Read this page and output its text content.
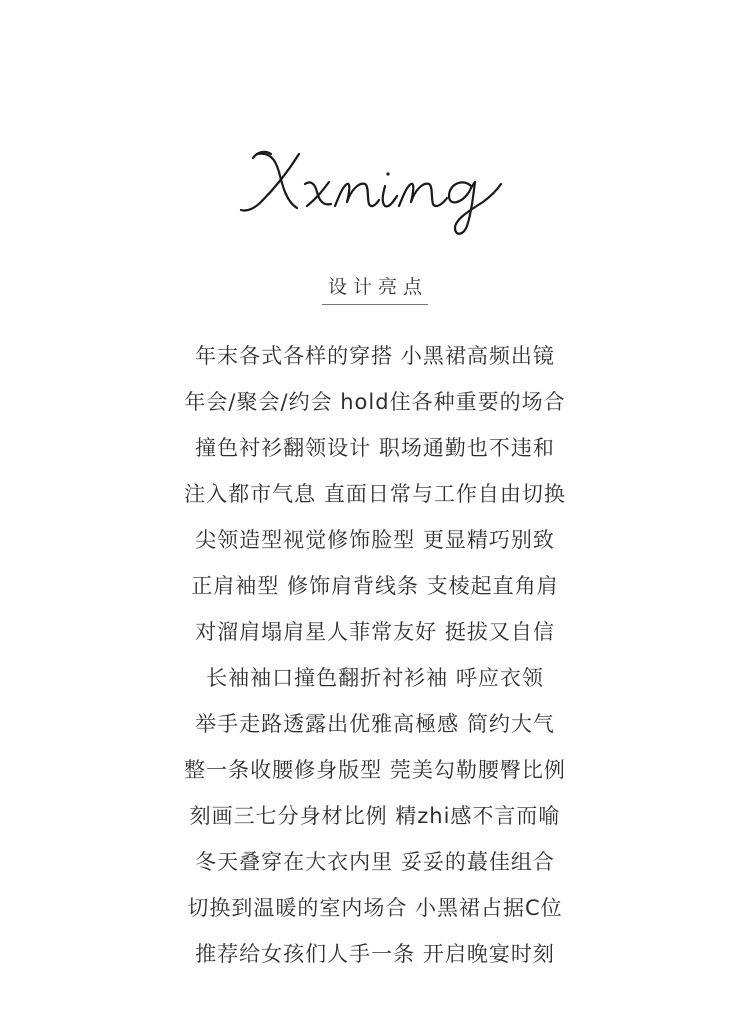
设计亮点
年末各式各样的穿搭 小黑裙高频出镜
年会/聚会/约会 hold住各种重要的场合
撞色衬衫翻领设计 职场通勤也不违和
注入都市气息 直面日常与工作自由切换
尖领造型视觉修饰脸型 更显精巧别致
正肩袖型 修饰肩背线条 支棱起直角肩
对溜肩塌肩星人菲常友好 挺拔又自信
长袖袖口撞色翻折衬衫袖 呼应衣领
举手走路透露出优雅高極感 简约大气
整一条收腰修身版型 莞美勾勒腰臀比例
刻画三七分身材比例 精zhi感不言而喻
冬天叠穿在大衣内里 妥妥的蕞佳组合
切换到温暖的室内场合 小黑裙占据C位
推荐给女孩们人手一条 开启晚宴时刻
